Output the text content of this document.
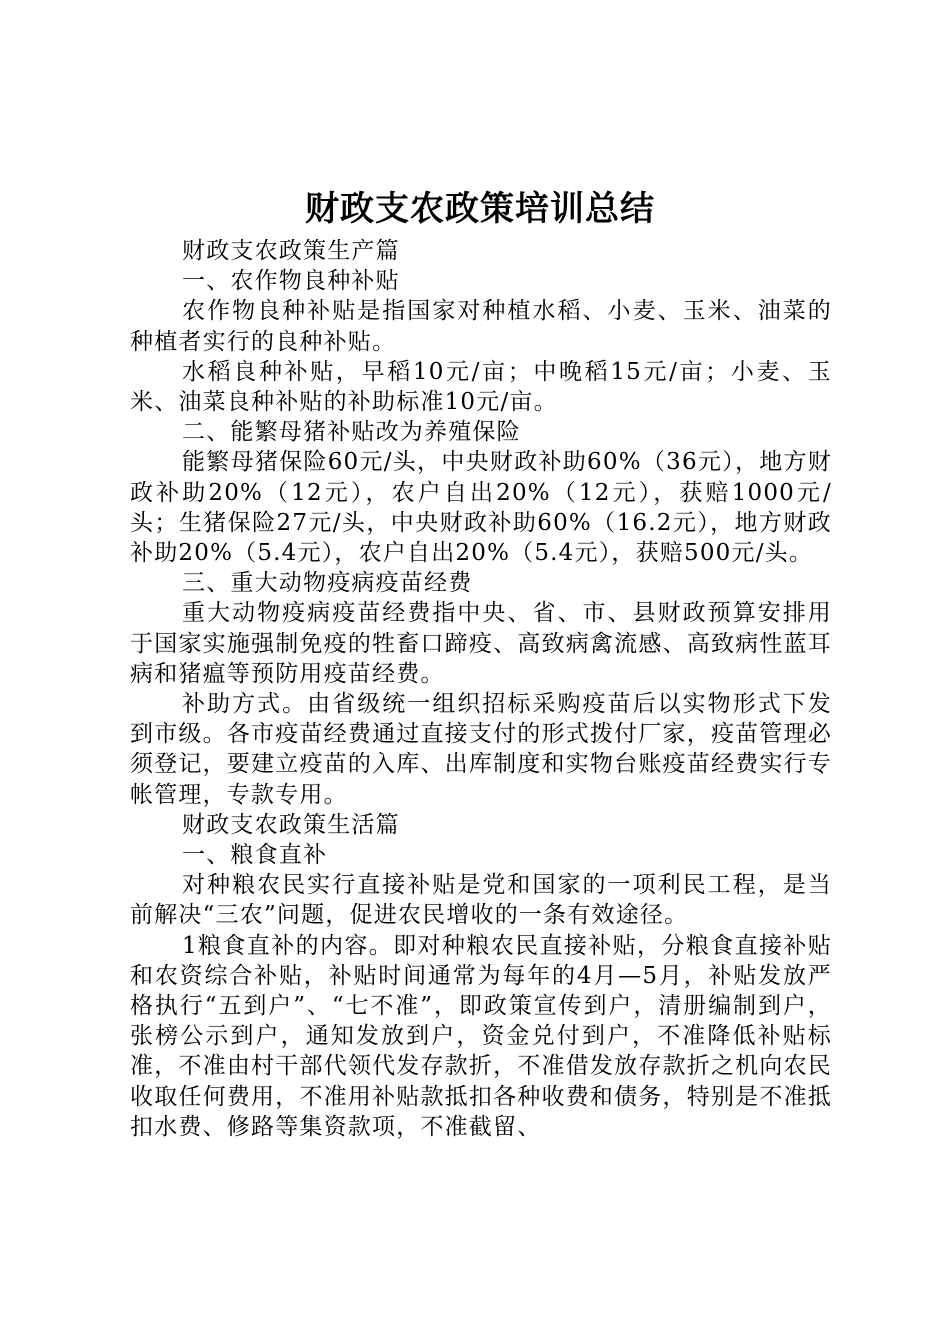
财政支农政策培训总结

财政支农政策生产篇

一、农作物良种补贴

农作物良种补贴是指国家对种植水稻、小麦、玉米、油菜的种植者实行的良种补贴。

水稻良种补贴，早稻10元/亩；中晚稻15元/亩；小麦、玉米、油菜良种补贴的补助标准10元/亩。

二、能繁母猪补贴改为养殖保险

能繁母猪保险60元/头，中央财政补助60%（36元），地方财政补助20%（12元），农户自出20%（12元），获赔1000元/头；生猪保险27元/头，中央财政补助60%（16.2元），地方财政补助20%（5.4元），农户自出20%（5.4元），获赔500元/头。

三、重大动物疫病疫苗经费

重大动物疫病疫苗经费指中央、省、市、县财政预算安排用于国家实施强制免疫的牲畜口蹄疫、高致病禽流感、高致病性蓝耳病和猪瘟等预防用疫苗经费。

补助方式。由省级统一组织招标采购疫苗后以实物形式下发到市级。各市疫苗经费通过直接支付的形式拨付厂家，疫苗管理必须登记，要建立疫苗的入库、出库制度和实物台账疫苗经费实行专帐管理，专款专用。

财政支农政策生活篇

一、粮食直补

对种粮农民实行直接补贴是党和国家的一项利民工程，是当前解决“三农”问题，促进农民增收的一条有效途径。

1粮食直补的内容。即对种粮农民直接补贴，分粮食直接补贴和农资综合补贴，补贴时间通常为每年的4月—5月，补贴发放严格执行“五到户”、“七不准”，即政策宣传到户，清册编制到户，张榜公示到户，通知发放到户，资金兑付到户，不准降低补贴标准，不准由村干部代领代发存款折，不准借发放存款折之机向农民收取任何费用，不准用补贴款抵扣各种收费和债务，特别是不准抵扣水费、修路等集资款项，不准截留、
